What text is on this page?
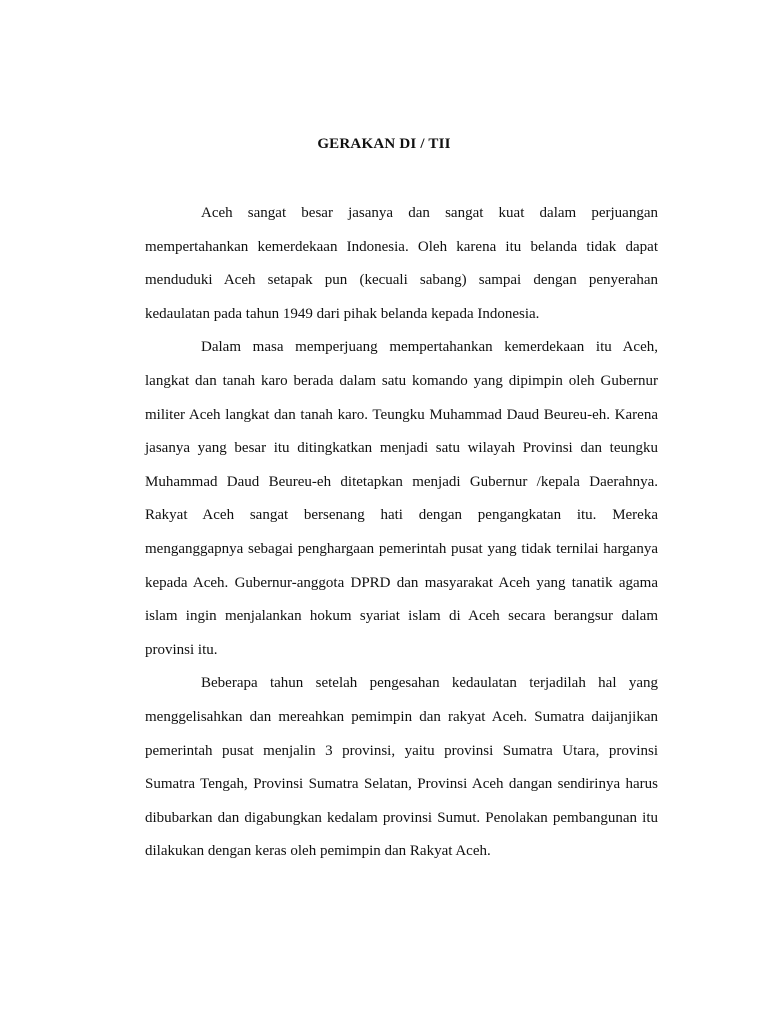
GERAKAN DI / TII

Aceh sangat besar jasanya dan sangat kuat dalam perjuangan mempertahankan kemerdekaan Indonesia. Oleh karena itu belanda tidak dapat menduduki Aceh setapak pun (kecuali sabang) sampai dengan penyerahan kedaulatan pada tahun 1949 dari pihak belanda kepada Indonesia.

Dalam masa memperjuang mempertahankan kemerdekaan itu Aceh, langkat dan tanah karo berada dalam satu komando yang dipimpin oleh Gubernur militer Aceh langkat dan tanah karo. Teungku Muhammad Daud Beureu-eh. Karena jasanya yang besar itu ditingkatkan menjadi satu wilayah Provinsi dan teungku Muhammad Daud Beureu-eh ditetapkan menjadi Gubernur /kepala Daerahnya. Rakyat Aceh sangat bersenang hati dengan pengangkatan itu. Mereka menganggapnya sebagai penghargaan pemerintah pusat yang tidak ternilai harganya kepada Aceh. Gubernur-anggota DPRD dan masyarakat Aceh yang tanatik agama islam ingin menjalankan hokum syariat islam di Aceh secara berangsur dalam provinsi itu.

Beberapa tahun setelah pengesahan kedaulatan terjadilah hal yang menggelisahkan dan mereahkan pemimpin dan rakyat Aceh. Sumatra daijanjikan pemerintah pusat menjalin 3 provinsi, yaitu provinsi Sumatra Utara, provinsi Sumatra Tengah, Provinsi Sumatra Selatan, Provinsi Aceh dangan sendirinya harus dibubarkan dan digabungkan kedalam provinsi Sumut. Penolakan pembangunan itu dilakukan dengan keras oleh pemimpin dan Rakyat Aceh.
